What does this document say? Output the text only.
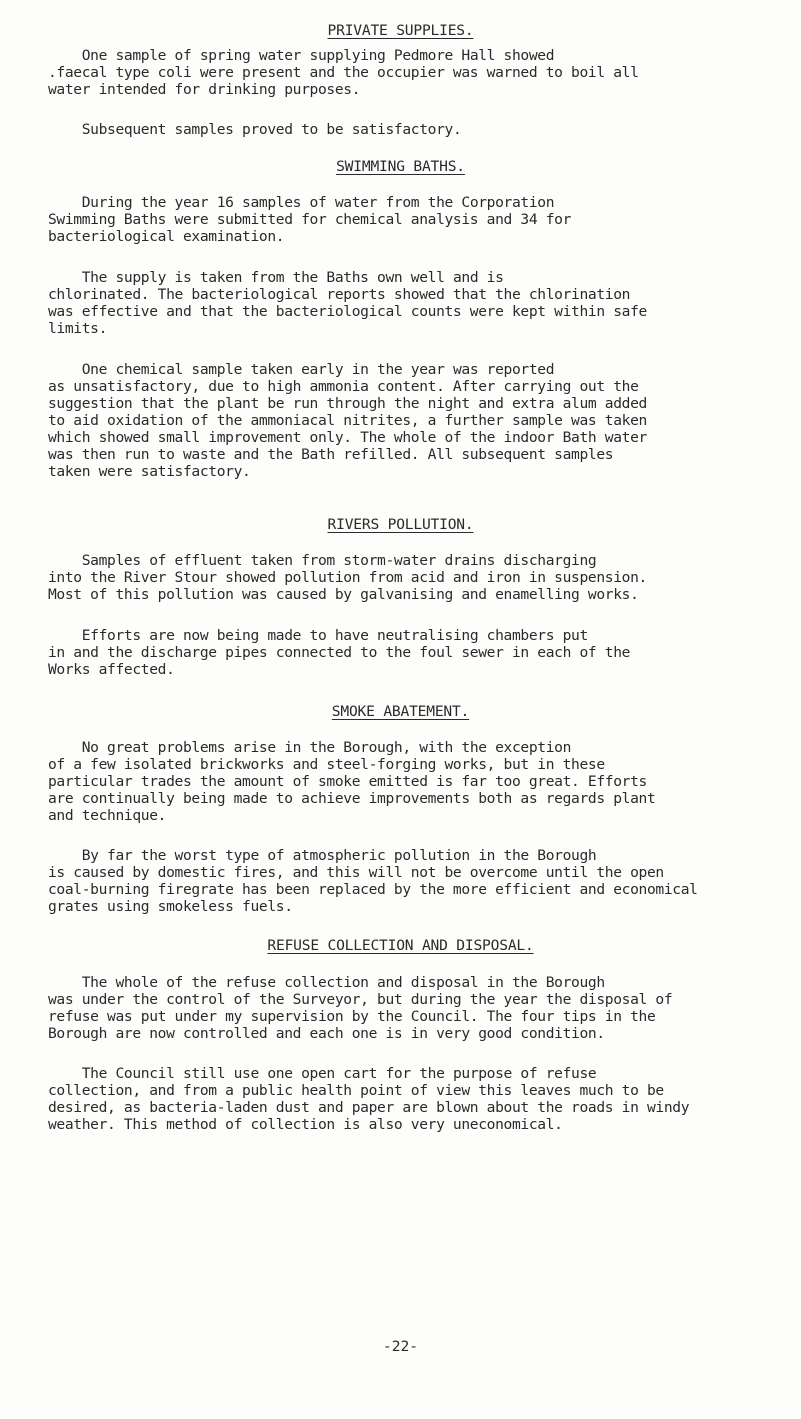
PRIVATE SUPPLIES.

One sample of spring water supplying Pedmore Hall showed
.faecal type coli were present and the occupier was warned to boil all
water intended for drinking purposes.

Subsequent samples proved to be satisfactory.

SWIMMING BATHS.

During the year 16 samples of water from the Corporation
Swimming Baths were submitted for chemical analysis and 34 for
bacteriological examination.

The supply is taken from the Baths own well and is
chlorinated. The bacteriological reports showed that the chlorination
was effective and that the bacteriological counts were kept within safe
limits.

One chemical sample taken early in the year was reported
as unsatisfactory, due to high ammonia content. After carrying out the
suggestion that the plant be run through the night and extra alum added
to aid oxidation of the ammoniacal nitrites, a further sample was taken
which showed small improvement only. The whole of the indoor Bath water
was then run to waste and the Bath refilled. All subsequent samples
taken were satisfactory.

RIVERS POLLUTION.

Samples of effluent taken from storm-water drains discharging
into the River Stour showed pollution from acid and iron in suspension.
Most of this pollution was caused by galvanising and enamelling works.

Efforts are now being made to have neutralising chambers put
in and the discharge pipes connected to the foul sewer in each of the
Works affected.

SMOKE ABATEMENT.

No great problems arise in the Borough, with the exception
of a few isolated brickworks and steel-forging works, but in these
particular trades the amount of smoke emitted is far too great. Efforts
are continually being made to achieve improvements both as regards plant
and technique.

By far the worst type of atmospheric pollution in the Borough
is caused by domestic fires, and this will not be overcome until the open
coal-burning firegrate has been replaced by the more efficient and economical
grates using smokeless fuels.

REFUSE COLLECTION AND DISPOSAL.

The whole of the refuse collection and disposal in the Borough
was under the control of the Surveyor, but during the year the disposal of
refuse was put under my supervision by the Council. The four tips in the
Borough are now controlled and each one is in very good condition.

The Council still use one open cart for the purpose of refuse
collection, and from a public health point of view this leaves much to be
desired, as bacteria-laden dust and paper are blown about the roads in windy
weather. This method of collection is also very uneconomical.

-22-
